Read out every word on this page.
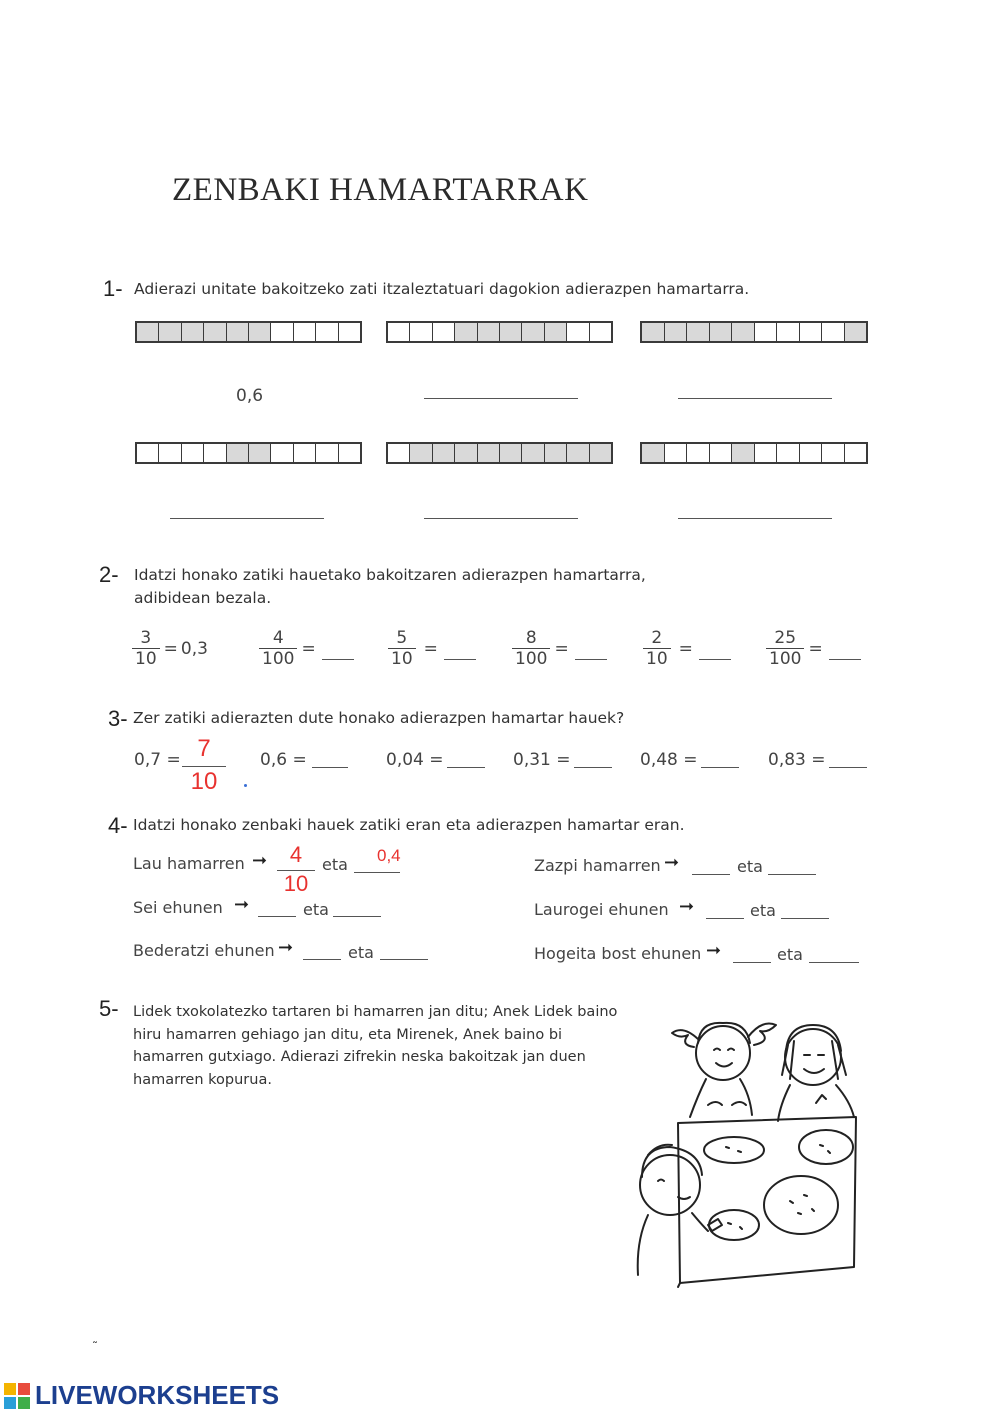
ZENBAKI HAMARTARRAK
1- Adierazi unitate bakoitzeko zati itzaleztatuari dagokion adierazpen hamartarra.
0,6
2- Idatzi honako zatiki hauetako bakoitzaren adierazpen hamartarra,
adibidean bezala.
$\frac{3}{10} = 0,3$	$\frac{4}{100}$ =	$\frac{5}{10}$ =	$\frac{8}{100}$ =	$\frac{2}{10}$ =	$\frac{25}{100}$ =
3- Zer zatiki adierazten dute honako adierazpen hamartar hauek?
0,7 = 7
10
0,6 =	0,04 =	0,31 =	0,48 =	0,83 =
4- Idatzi honako zenbaki hauek zatiki eran eta adierazpen hamartar eran.
Lau hamarren ➞	4
10
eta 0,4
Sei ehunen ➞	eta
Bederatzi ehunen ➞	eta
Zazpi hamarren ➞	eta
Laurogei ehunen ➞	eta
Hogeita bost ehunen ➞	eta
5- Lidek txokolatezko tartaren bi hamarren jan ditu; Anek Lidek baino
hiru hamarren gehiago jan ditu, eta Mirenek, Anek baino bi
hamarren gutxiago. Adierazi zifrekin neska bakoitzak jan duen
hamarren kopurua.
˜
LIVEWORKSHEETS
